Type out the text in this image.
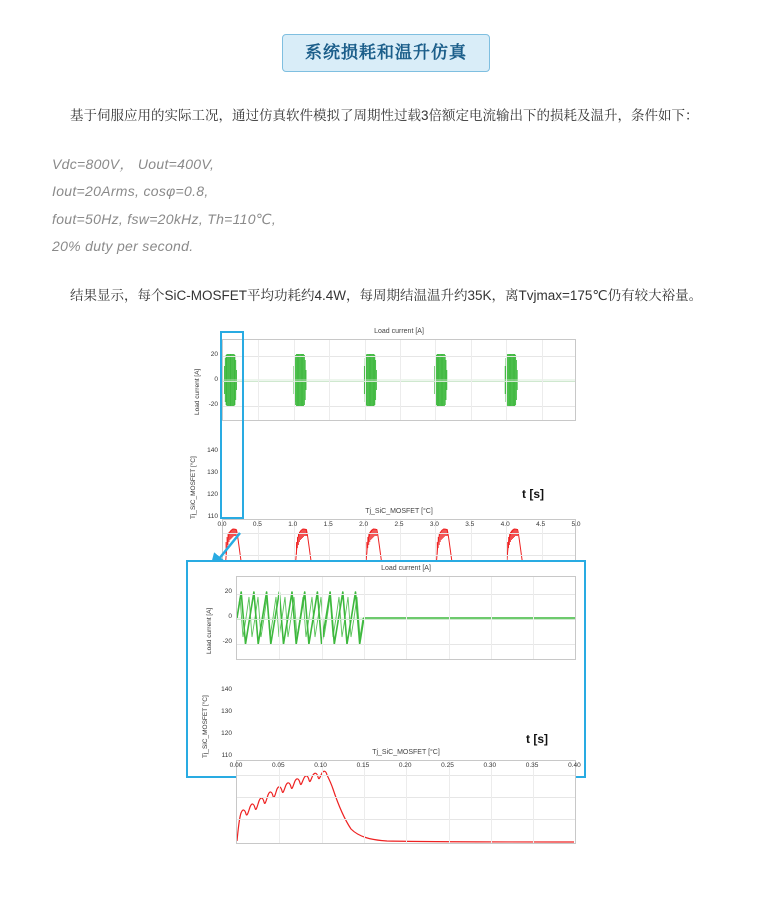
系统损耗和温升仿真
基于伺服应用的实际工况，通过仿真软件模拟了周期性过载3倍额定电流输出下的损耗及温升，条件如下：
Vdc=800V， Uout=400V,
Iout=20Arms, cosφ=0.8,
fout=50Hz, fsw=20kHz, Th=110℃,
20% duty per second.
结果显示，每个SiC-MOSFET平均功耗约4.4W，每周期结温温升约35K，离Tvjmax=175℃仍有较大裕量。
Load current [A]
Load current [A]
20
0
-20
Tj_SiC_MOSFET [°C]
Tj_SiC_MOSFET [°C]
140
130
120
110
0.0	0.5	1.0	1.5	2.0	2.5	3.0	3.5	4.0	4.5	5.0
t [s]
Load current [A]
Load current [A]
20
0
-20
Tj_SiC_MOSFET [°C]
Tj_SiC_MOSFET [°C]
140
130
120
110
0.00	0.05	0.10	0.15	0.20	0.25	0.30	0.35	0.40
t [s]
